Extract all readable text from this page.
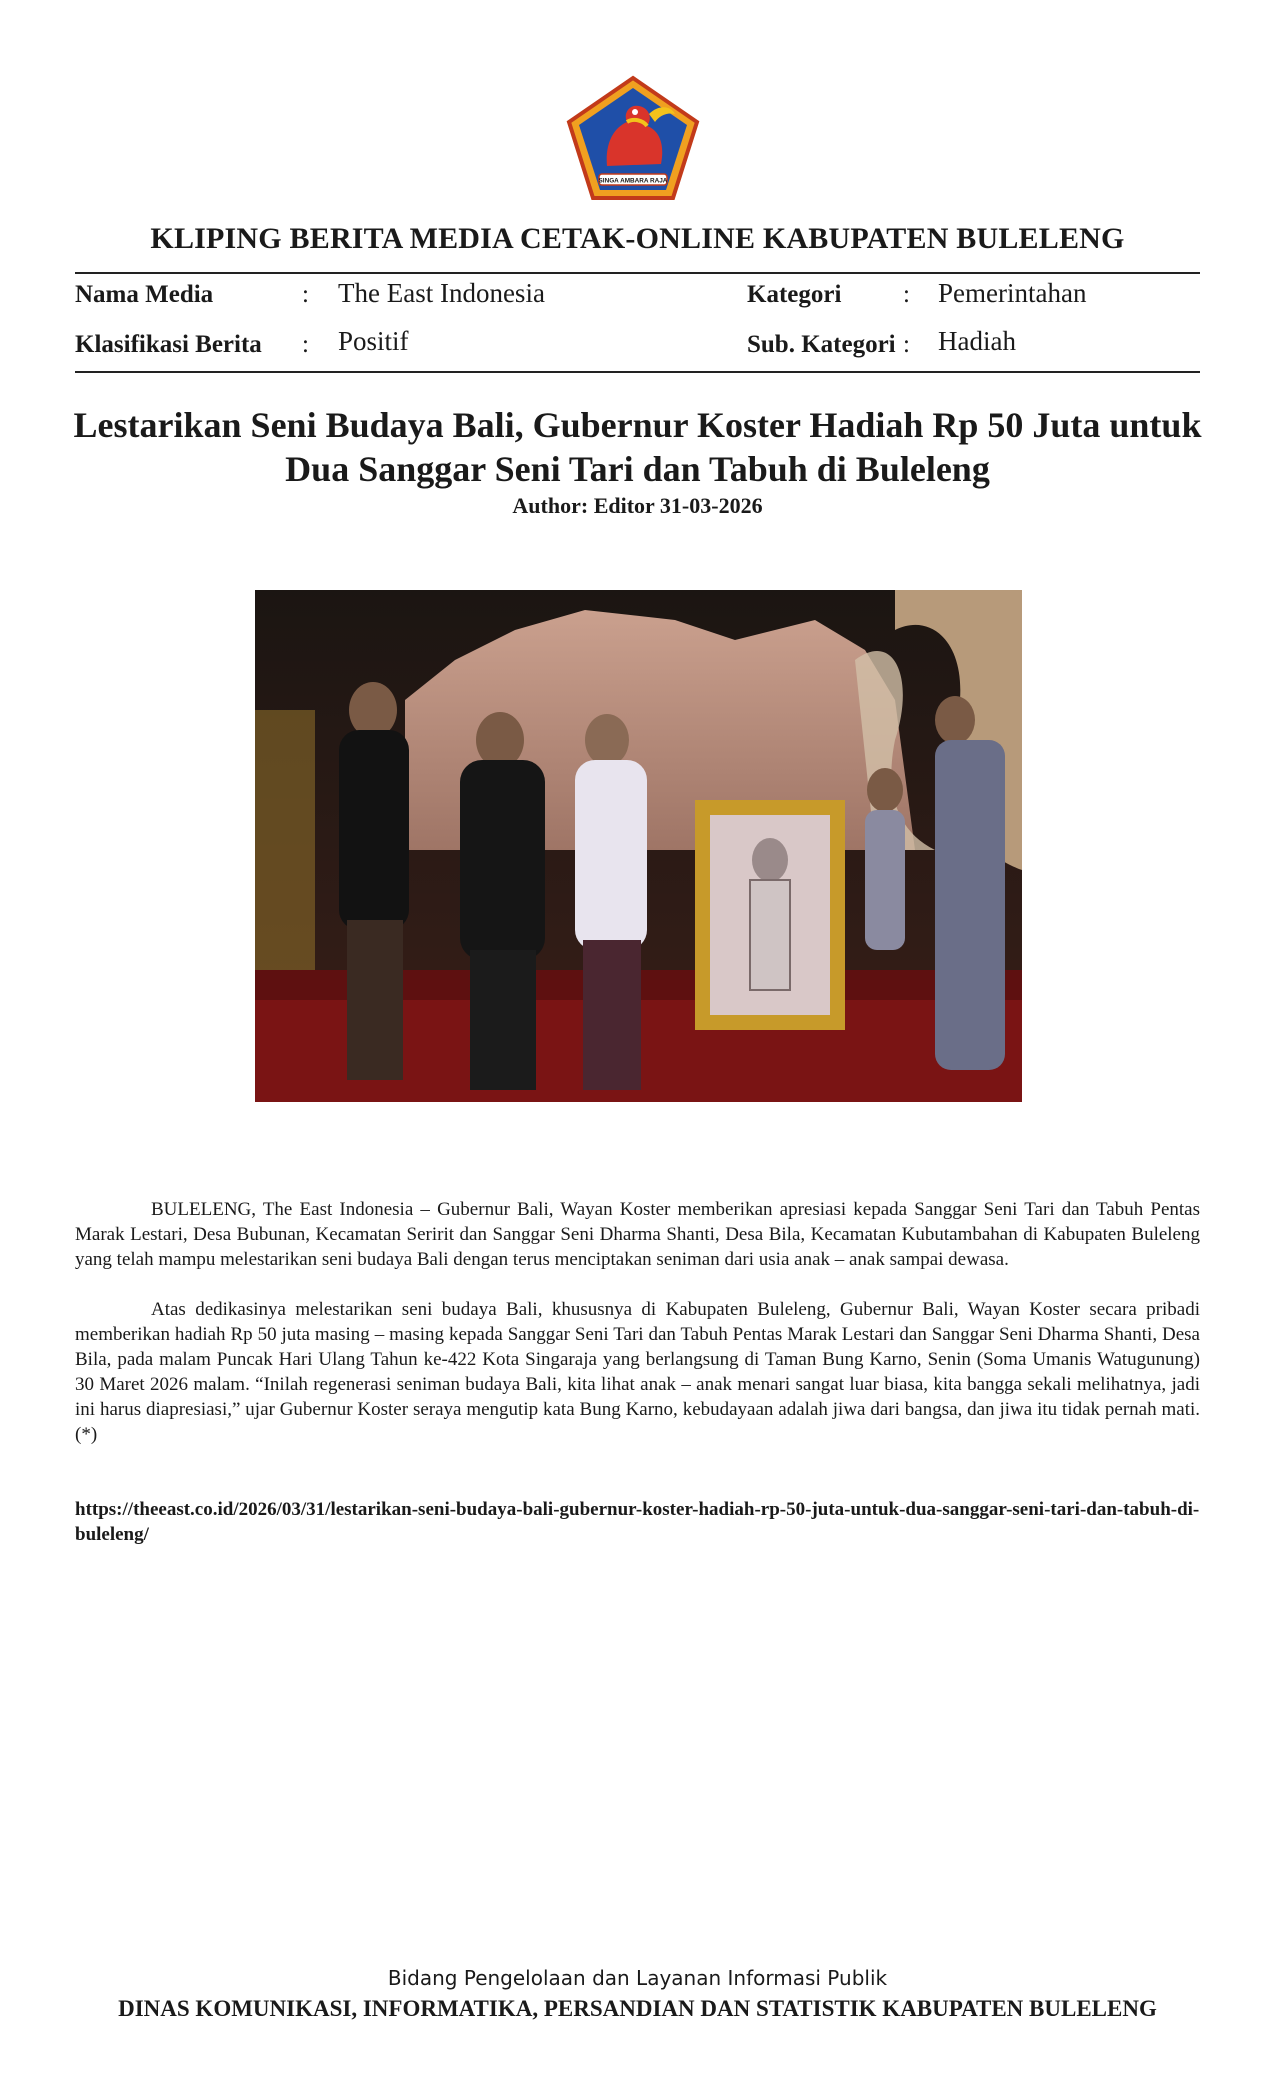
SINGA AMBARA RAJA
KLIPING BERITA MEDIA CETAK-ONLINE KABUPATEN BULELENG
Nama Media	: The East Indonesia	Kategori : Pemerintahan
Klasifikasi Berita : Positif	Sub. Kategori : Hadiah
Lestarikan Seni Budaya Bali, Gubernur Koster Hadiah Rp 50 Juta untuk Dua Sanggar Seni Tari dan Tabuh di Buleleng
Author: Editor 31-03-2026

BULELENG, The East Indonesia – Gubernur Bali, Wayan Koster memberikan apresiasi kepada Sanggar Seni Tari dan Tabuh Pentas Marak Lestari, Desa Bubunan, Kecamatan Seririt dan Sanggar Seni Dharma Shanti, Desa Bila, Kecamatan Kubutambahan di Kabupaten Buleleng yang telah mampu melestarikan seni budaya Bali dengan terus menciptakan seniman dari usia anak – anak sampai dewasa.

Atas dedikasinya melestarikan seni budaya Bali, khususnya di Kabupaten Buleleng, Gubernur Bali, Wayan Koster secara pribadi memberikan hadiah Rp 50 juta masing – masing kepada Sanggar Seni Tari dan Tabuh Pentas Marak Lestari dan Sanggar Seni Dharma Shanti, Desa Bila, pada malam Puncak Hari Ulang Tahun ke-422 Kota Singaraja yang berlangsung di Taman Bung Karno, Senin (Soma Umanis Watugunung) 30 Maret 2026 malam. “Inilah regenerasi seniman budaya Bali, kita lihat anak – anak menari sangat luar biasa, kita bangga sekali melihatnya, jadi ini harus diapresiasi,” ujar Gubernur Koster seraya mengutip kata Bung Karno, kebudayaan adalah jiwa dari bangsa, dan jiwa itu tidak pernah mati.(*)

https://theeast.co.id/2026/03/31/lestarikan-seni-budaya-bali-gubernur-koster-hadiah-rp-50-juta-untuk-dua-sanggar-seni-tari-dan-tabuh-di-buleleng/
Bidang Pengelolaan dan Layanan Informasi Publik
DINAS KOMUNIKASI, INFORMATIKA, PERSANDIAN DAN STATISTIK KABUPATEN BULELENG
